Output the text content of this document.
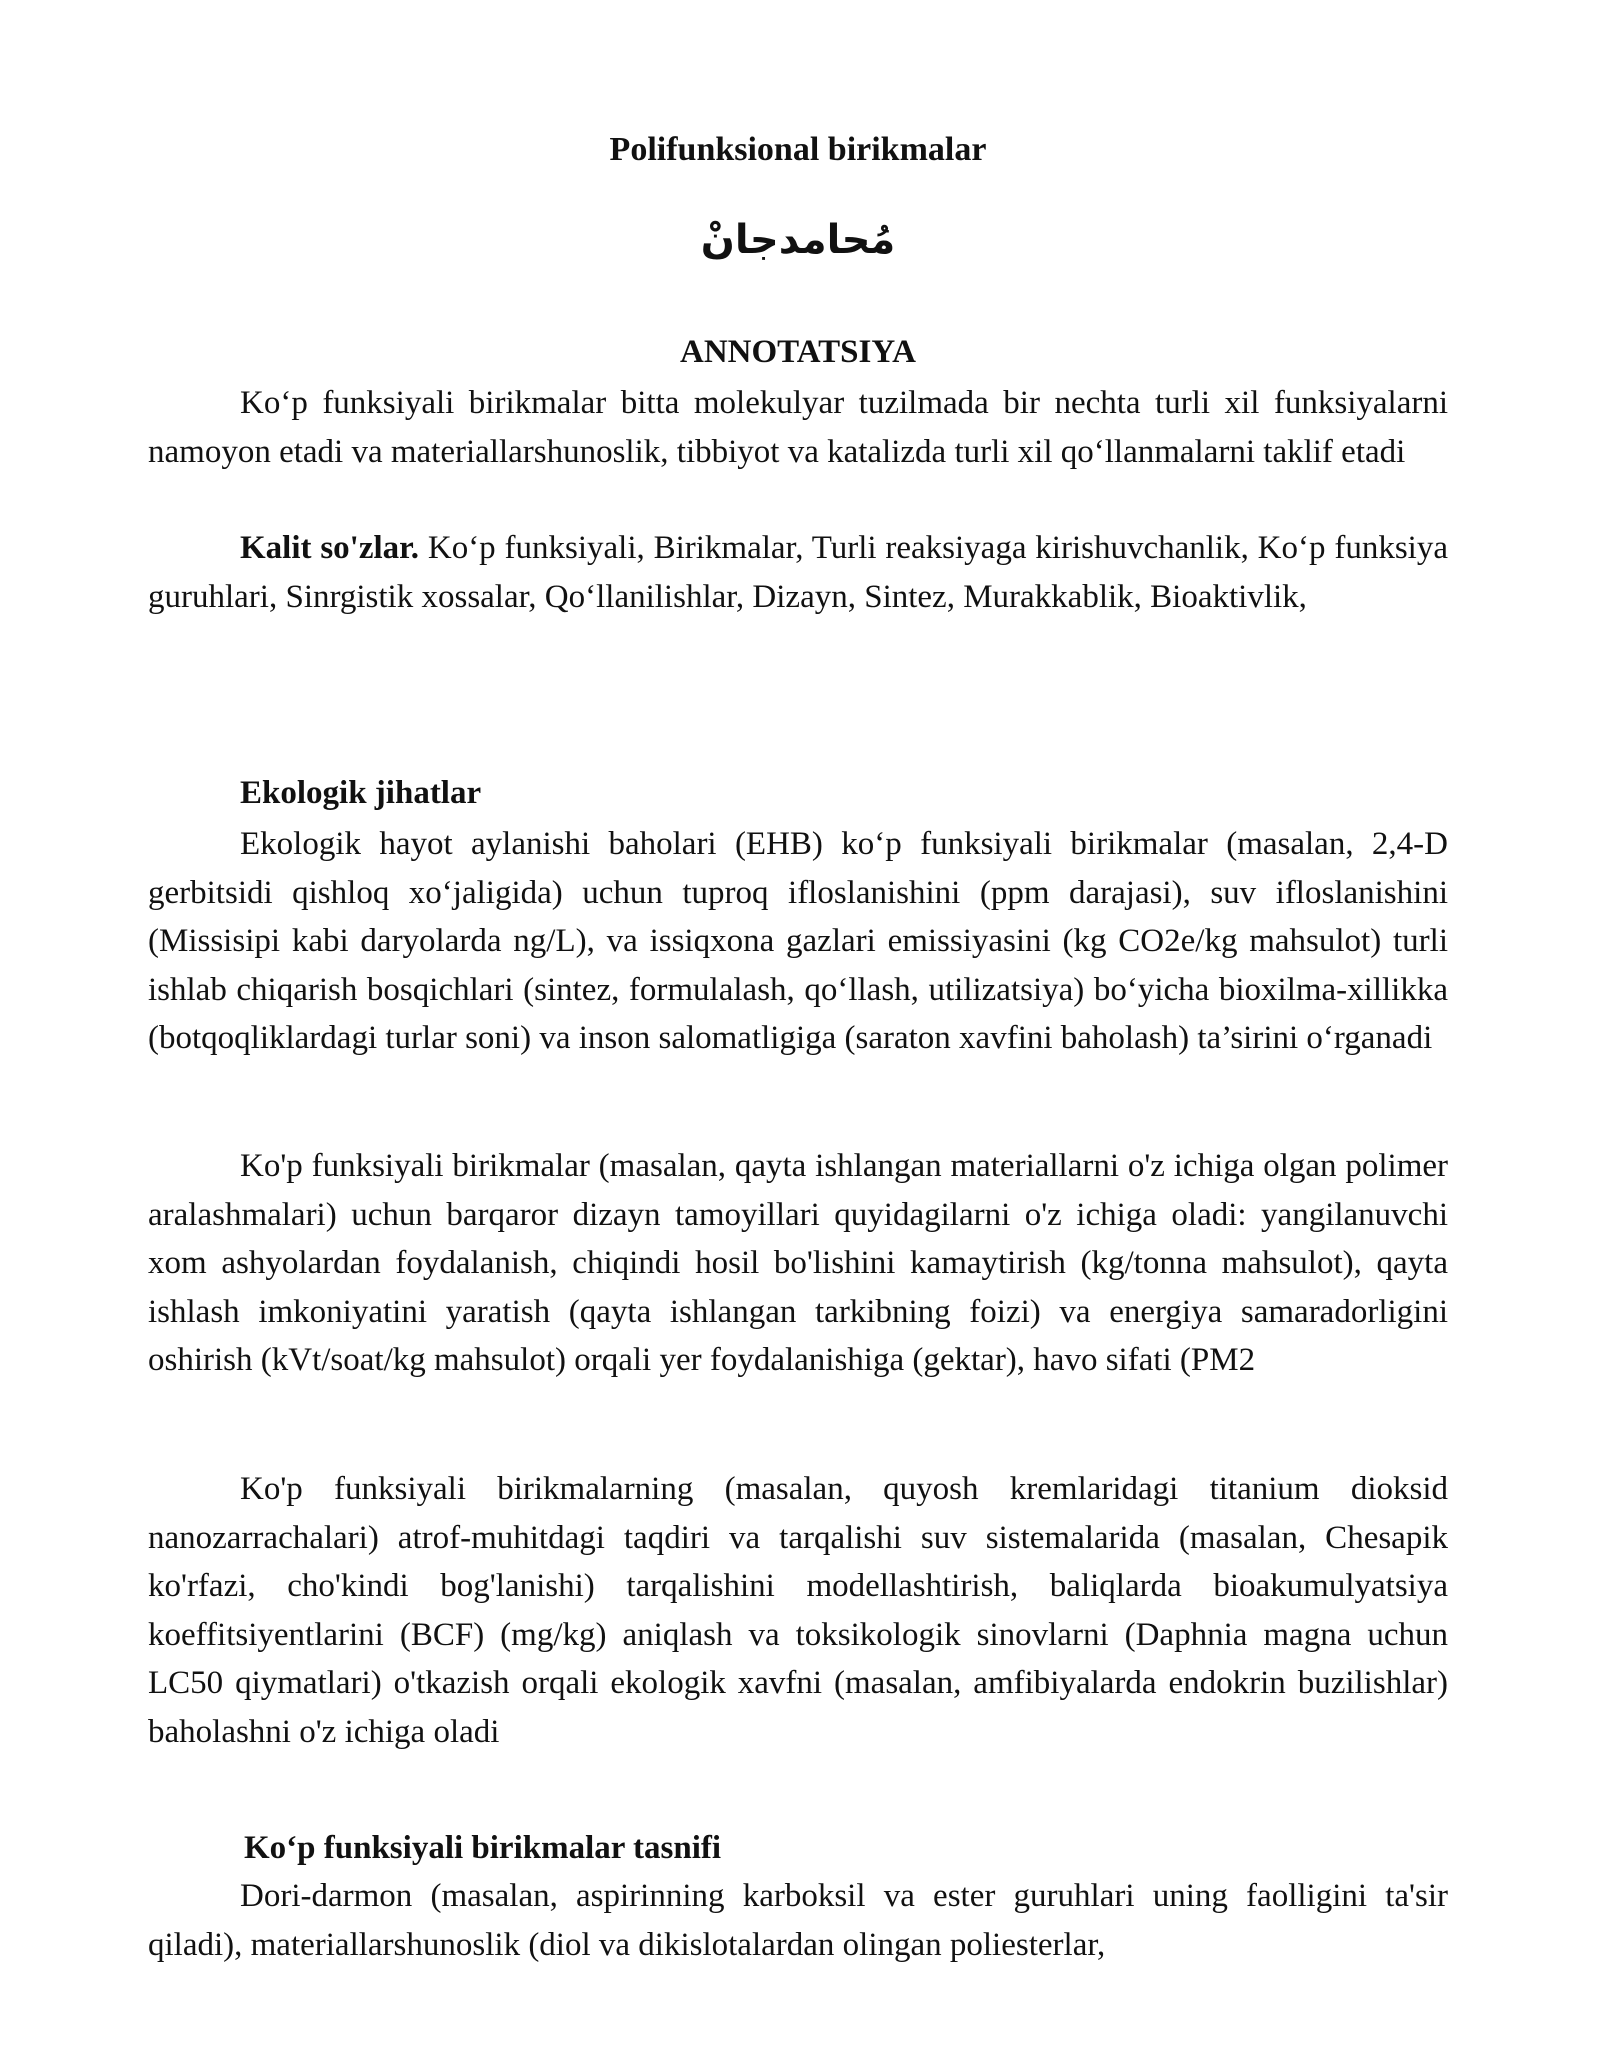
Polifunksional birikmalar
مُحامدجانْ
ANNOTATSIYA

Ko‘p funksiyali birikmalar bitta molekulyar tuzilmada bir nechta turli xil funksiyalarni namoyon etadi va materiallarshunoslik, tibbiyot va katalizda turli xil qo‘llanmalarni taklif etadi

Kalit so'zlar. Ko‘p funksiyali, Birikmalar, Turli reaksiyaga kirishuvchanlik, Ko‘p funksiya guruhlari, Sinrgistik xossalar, Qo‘llanilishlar, Dizayn, Sintez, Murakkablik, Bioaktivlik,

Ekologik jihatlar

Ekologik hayot aylanishi baholari (EHB) ko‘p funksiyali birikmalar (masalan, 2,4-D gerbitsidi qishloq xo‘jaligida) uchun tuproq ifloslanishini (ppm darajasi), suv ifloslanishini (Missisipi kabi daryolarda ng/L), va issiqxona gazlari emissiyasini (kg CO2e/kg mahsulot) turli ishlab chiqarish bosqichlari (sintez, formulalash, qo‘llash, utilizatsiya) bo‘yicha bioxilma-xillikka (botqoqliklardagi turlar soni) va inson salomatligiga (saraton xavfini baholash) ta’sirini o‘rganadi

Ko'p funksiyali birikmalar (masalan, qayta ishlangan materiallarni o'z ichiga olgan polimer aralashmalari) uchun barqaror dizayn tamoyillari quyidagilarni o'z ichiga oladi: yangilanuvchi xom ashyolardan foydalanish, chiqindi hosil bo'lishini kamaytirish (kg/tonna mahsulot), qayta ishlash imkoniyatini yaratish (qayta ishlangan tarkibning foizi) va energiya samaradorligini oshirish (kVt/soat/kg mahsulot) orqali yer foydalanishiga (gektar), havo sifati (PM2

Ko'p funksiyali birikmalarning (masalan, quyosh kremlaridagi titanium dioksid nanozarrachalari) atrof-muhitdagi taqdiri va tarqalishi suv sistemalarida (masalan, Chesapik ko'rfazi, cho'kindi bog'lanishi) tarqalishini modellashtirish, baliqlarda bioakumulyatsiya koeffitsiyentlarini (BCF) (mg/kg) aniqlash va toksikologik sinovlarni (Daphnia magna uchun LC50 qiymatlari) o'tkazish orqali ekologik xavfni (masalan, amfibiyalarda endokrin buzilishlar) baholashni o'z ichiga oladi

Ko‘p funksiyali birikmalar tasnifi

Dori-darmon (masalan, aspirinning karboksil va ester guruhlari uning faolligini ta'sir qiladi), materiallarshunoslik (diol va dikislotalardan olingan poliesterlar,
